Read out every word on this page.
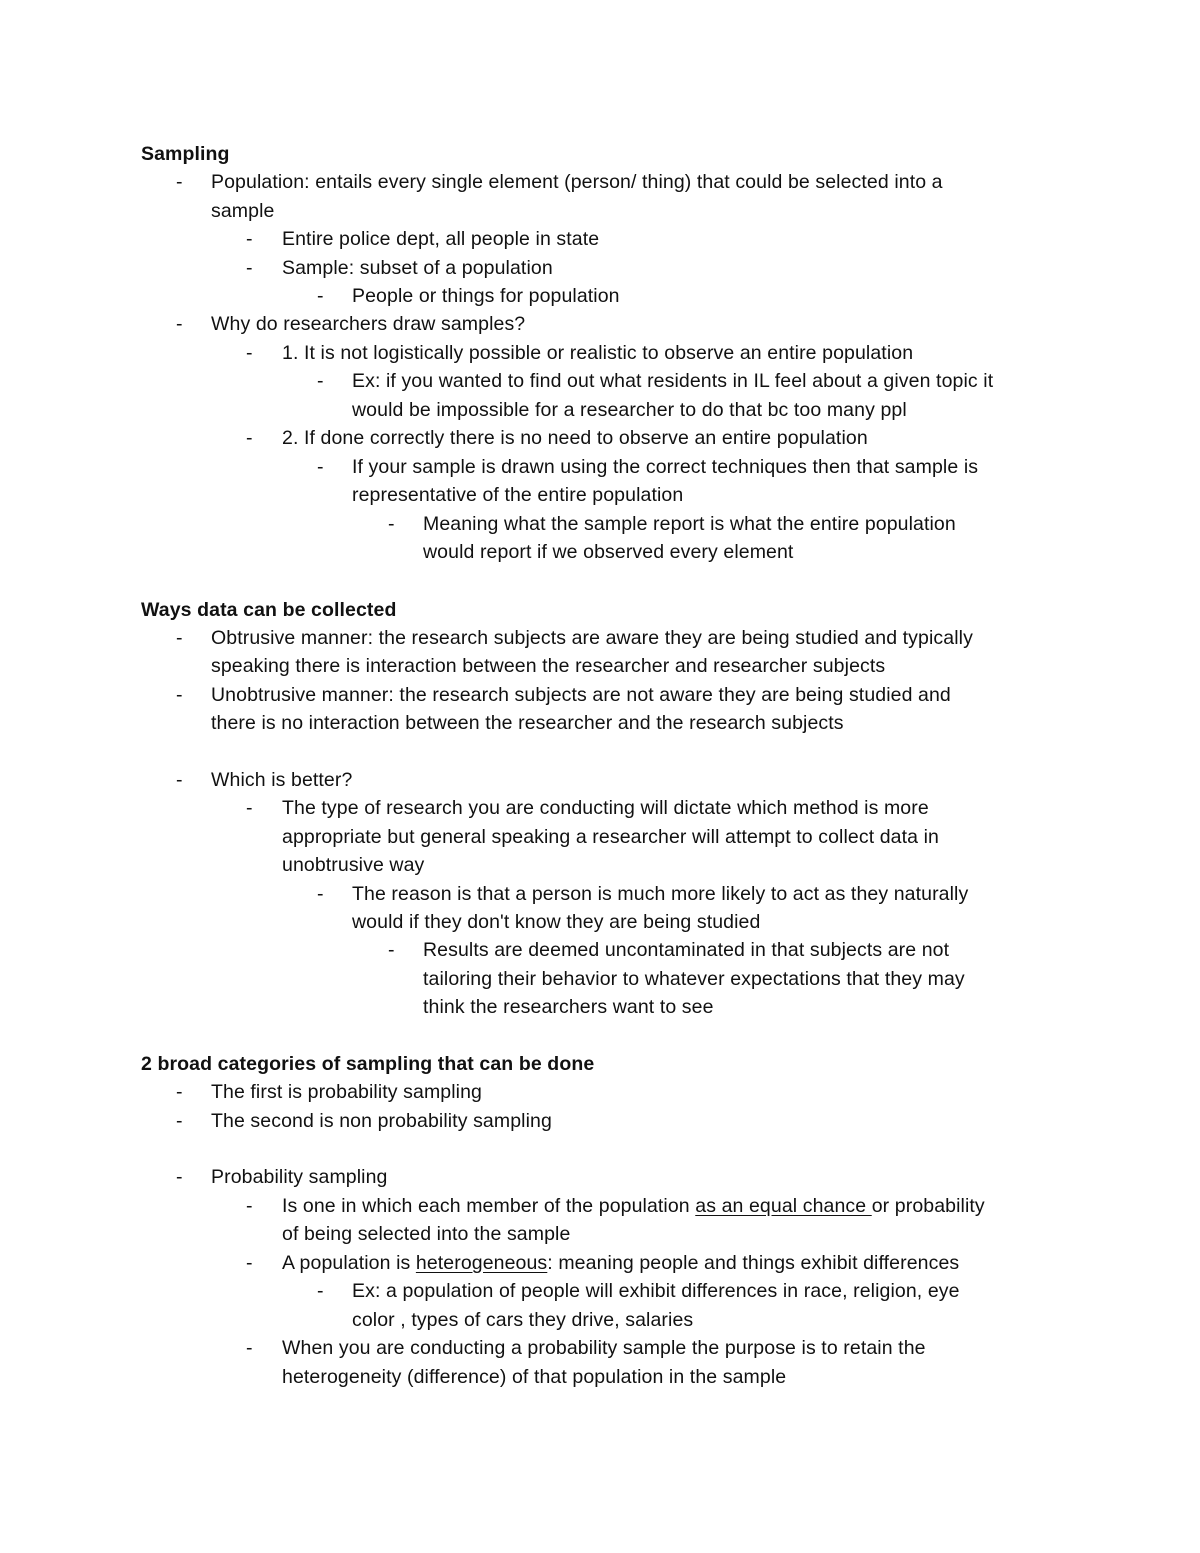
Sampling
- Population: entails every single element (person/ thing) that could be selected into a
sample
- Entire police dept, all people in state
- Sample: subset of a population
- People or things for population
- Why do researchers draw samples?
- 1. It is not logistically possible or realistic to observe an entire population
- Ex: if you wanted to find out what residents in IL feel about a given topic it
would be impossible for a researcher to do that bc too many ppl
- 2. If done correctly there is no need to observe an entire population
- If your sample is drawn using the correct techniques then that sample is
representative of the entire population
- Meaning what the sample report is what the entire population
would report if we observed every element
Ways data can be collected
- Obtrusive manner: the research subjects are aware they are being studied and typically
speaking there is interaction between the researcher and researcher subjects
- Unobtrusive manner: the research subjects are not aware they are being studied and
there is no interaction between the researcher and the research subjects
- Which is better?
- The type of research you are conducting will dictate which method is more
appropriate but general speaking a researcher will attempt to collect data in
unobtrusive way
- The reason is that a person is much more likely to act as they naturally
would if they don't know they are being studied
- Results are deemed uncontaminated in that subjects are not
tailoring their behavior to whatever expectations that they may
think the researchers want to see
2 broad categories of sampling that can be done
- The first is probability sampling
- The second is non probability sampling
- Probability sampling
- Is one in which each member of the population as an equal chance or probability
of being selected into the sample
- A population is heterogeneous: meaning people and things exhibit differences
- Ex: a population of people will exhibit differences in race, religion, eye
color , types of cars they drive, salaries
- When you are conducting a probability sample the purpose is to retain the
heterogeneity (difference) of that population in the sample
